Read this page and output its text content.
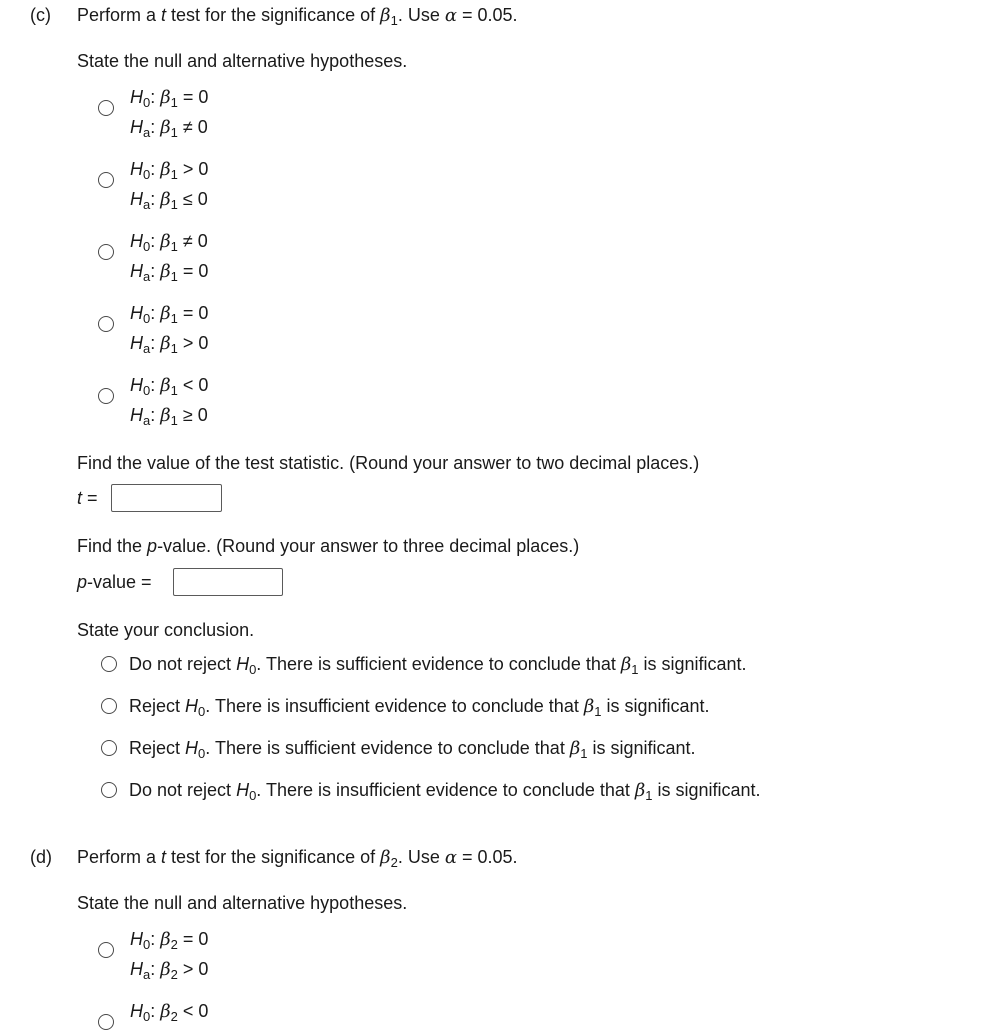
(c) Perform a t test for the significance of $\beta_1$. Use α = 0.05.
State the null and alternative hypotheses.
$H_0$: $\beta_1 = 0$
$H_a$: $\beta_1 \ne 0$
$H_0$: $\beta_1 > 0$
$H_a$: $\beta_1 \le 0$
$H_0$: $\beta_1 \ne 0$
$H_a$: $\beta_1 = 0$
$H_0$: $\beta_1 = 0$
$H_a$: $\beta_1 > 0$
$H_0$: $\beta_1 < 0$
$H_a$: $\beta_1 \ge 0$
Find the value of the test statistic. (Round your answer to two decimal places.)
t =
Find the p-value. (Round your answer to three decimal places.)
p-value =
State your conclusion.
Do not reject $H_0$. There is sufficient evidence to conclude that $\beta_1$ is significant.
Reject $H_0$. There is insufficient evidence to conclude that $\beta_1$ is significant.
Reject $H_0$. There is sufficient evidence to conclude that $\beta_1$ is significant.
Do not reject $H_0$. There is insufficient evidence to conclude that $\beta_1$ is significant.
(d) Perform a t test for the significance of $\beta_2$. Use α = 0.05.
State the null and alternative hypotheses.
$H_0$: $\beta_2 = 0$
$H_a$: $\beta_2 > 0$
$H_0$: $\beta_2 < 0$
